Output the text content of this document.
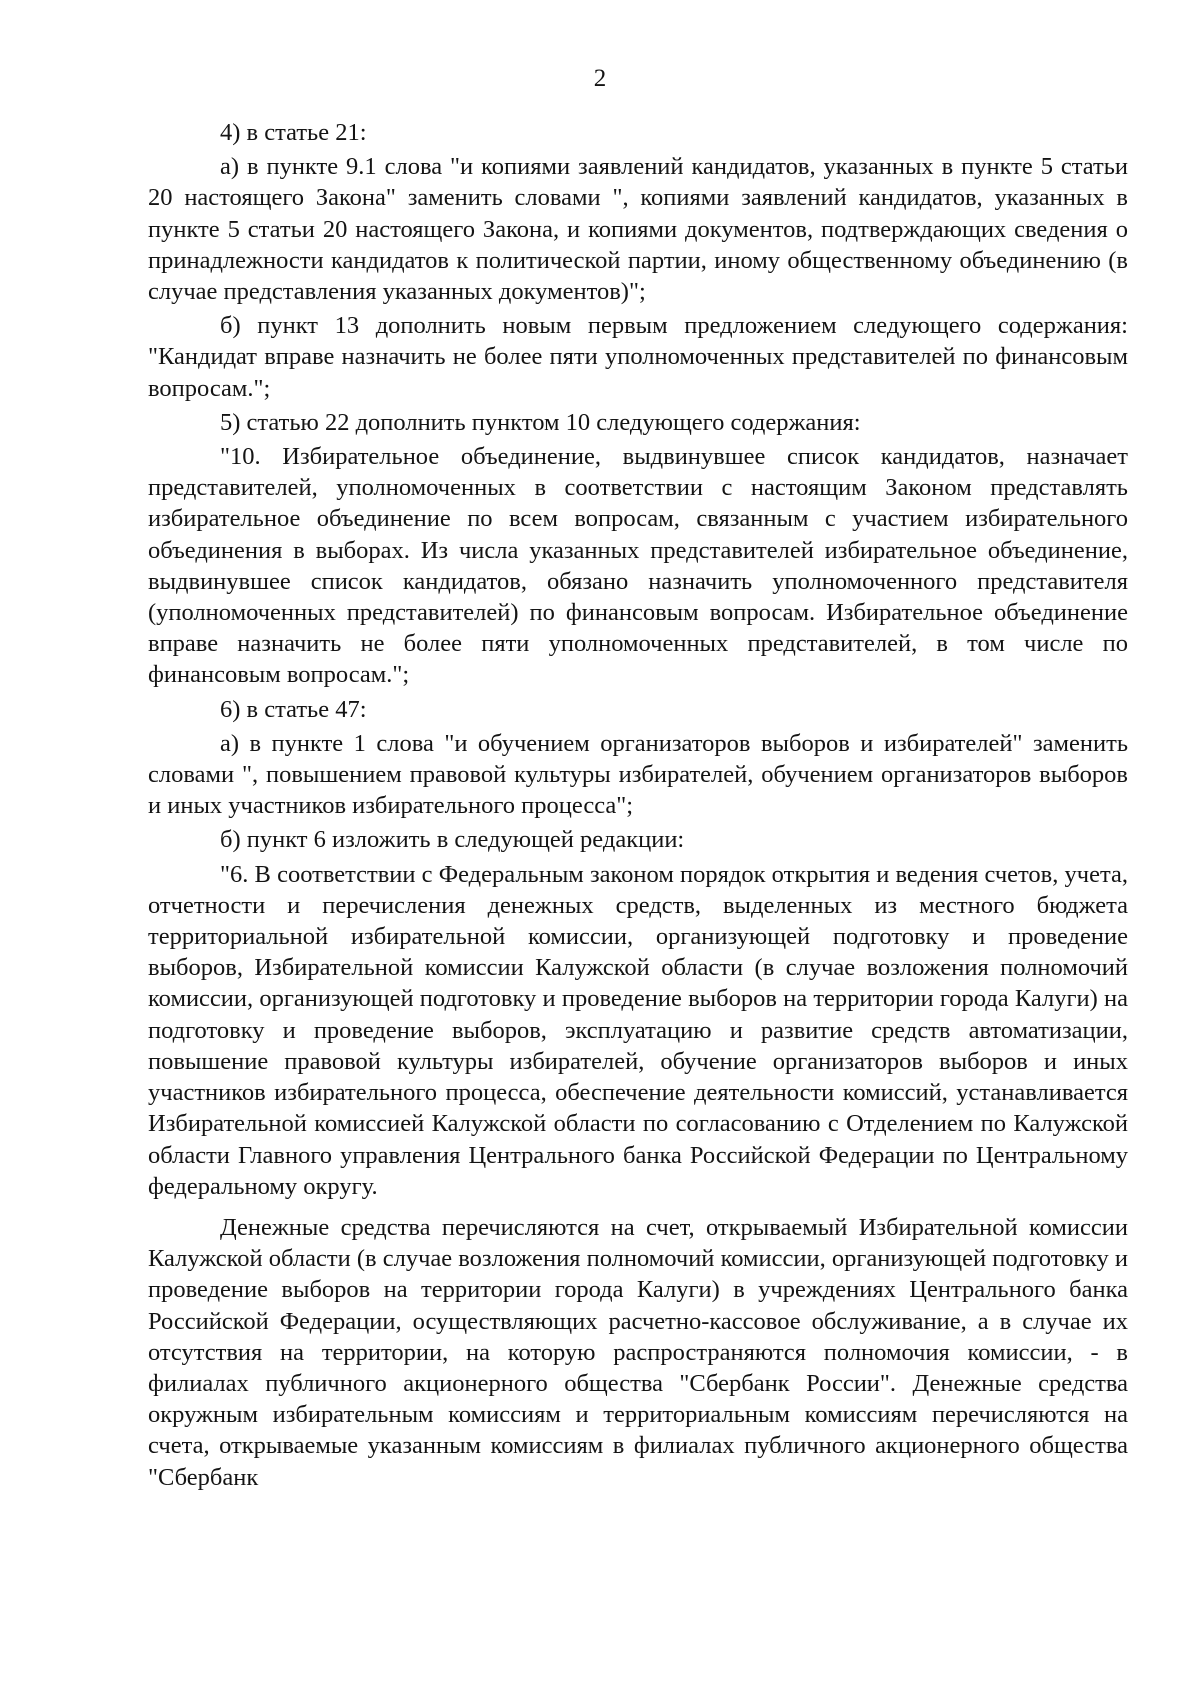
2

4) в статье 21:

а) в пункте 9.1 слова "и копиями заявлений кандидатов, указанных в пункте 5 статьи 20 настоящего Закона" заменить словами ", копиями заявлений кандидатов, указанных в пункте 5 статьи 20 настоящего Закона, и копиями документов, подтверждающих сведения о принадлежности кандидатов к политической партии, иному общественному объединению (в случае представления указанных документов)";

б) пункт 13 дополнить новым первым предложением следующего содержания: "Кандидат вправе назначить не более пяти уполномоченных представителей по финансовым вопросам.";

5) статью 22 дополнить пунктом 10 следующего содержания:

"10. Избирательное объединение, выдвинувшее список кандидатов, назначает представителей, уполномоченных в соответствии с настоящим Законом представлять избирательное объединение по всем вопросам, связанным с участием избирательного объединения в выборах. Из числа указанных представителей избирательное объединение, выдвинувшее список кандидатов, обязано назначить уполномоченного представителя (уполномоченных представителей) по финансовым вопросам. Избирательное объединение вправе назначить не более пяти уполномоченных представителей, в том числе по финансовым вопросам.";

6) в статье 47:

а) в пункте 1 слова "и обучением организаторов выборов и избирателей" заменить словами ", повышением правовой культуры избирателей, обучением организаторов выборов и иных участников избирательного процесса";

б) пункт 6 изложить в следующей редакции:

"6. В соответствии с Федеральным законом порядок открытия и ведения счетов, учета, отчетности и перечисления денежных средств, выделенных из местного бюджета территориальной избирательной комиссии, организующей подготовку и проведение выборов, Избирательной комиссии Калужской области (в случае возложения полномочий комиссии, организующей подготовку и проведение выборов на территории города Калуги) на подготовку и проведение выборов, эксплуатацию и развитие средств автоматизации, повышение правовой культуры избирателей, обучение организаторов выборов и иных участников избирательного процесса, обеспечение деятельности комиссий, устанавливается Избирательной комиссией Калужской области по согласованию с Отделением по Калужской области Главного управления Центрального банка Российской Федерации по Центральному федеральному округу.

Денежные средства перечисляются на счет, открываемый Избирательной комиссии Калужской области (в случае возложения полномочий комиссии, организующей подготовку и проведение выборов на территории города Калуги) в учреждениях Центрального банка Российской Федерации, осуществляющих расчетно-кассовое обслуживание, а в случае их отсутствия на территории, на которую распространяются полномочия комиссии, - в филиалах публичного акционерного общества "Сбербанк России". Денежные средства окружным избирательным комиссиям и территориальным комиссиям перечисляются на счета, открываемые указанным комиссиям в филиалах публичного акционерного общества "Сбербанк
